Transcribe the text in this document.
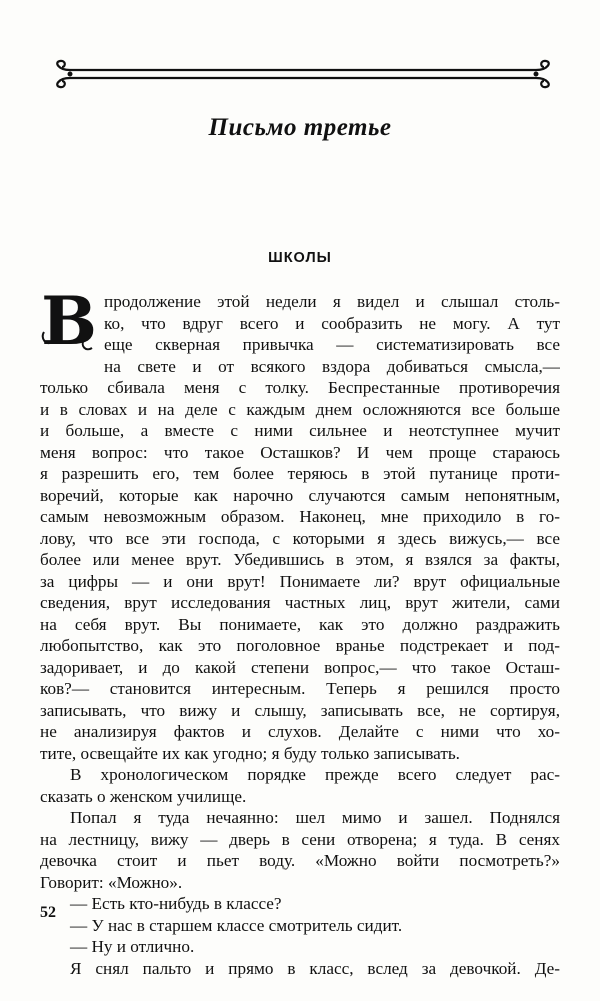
Письмо третье
ШКОЛЫ
В продолжение этой недели я видел и слышал столь-
ко, что вдруг всего и сообразить не могу. А тут
еще скверная привычка — систематизировать все
на свете и от всякого вздора добиваться смысла,—
только сбивала меня с толку. Беспрестанные противоречия
и в словах и на деле с каждым днем осложняются все больше
и больше, а вместе с ними сильнее и неотступнее мучит
меня вопрос: что такое Осташков? И чем проще стараюсь
я разрешить его, тем более теряюсь в этой путанице проти-
воречий, которые как нарочно случаются самым непонятным,
самым невозможным образом. Наконец, мне приходило в го-
лову, что все эти господа, с которыми я здесь вижусь,— все
более или менее врут. Убедившись в этом, я взялся за факты,
за цифры — и они врут! Понимаете ли? врут официальные
сведения, врут исследования частных лиц, врут жители, сами
на себя врут. Вы понимаете, как это должно раздражить
любопытство, как это поголовное вранье подстрекает и под-
задоривает, и до какой степени вопрос,— что такое Осташ-
ков?— становится интересным. Теперь я решился просто
записывать, что вижу и слышу, записывать все, не сортируя,
не анализируя фактов и слухов. Делайте с ними что хо-
тите, освещайте их как угодно; я буду только записывать.
В хронологическом порядке прежде всего следует рас-
сказать о женском училище.
Попал я туда нечаянно: шел мимо и зашел. Поднялся
на лестницу, вижу — дверь в сени отворена; я туда. В сенях
девочка стоит и пьет воду. «Можно войти посмотреть?»
Говорит: «Можно».
— Есть кто-нибудь в классе?
— У нас в старшем классе смотритель сидит.
— Ну и отлично.
Я снял пальто и прямо в класс, вслед за девочкой. Де-
52
